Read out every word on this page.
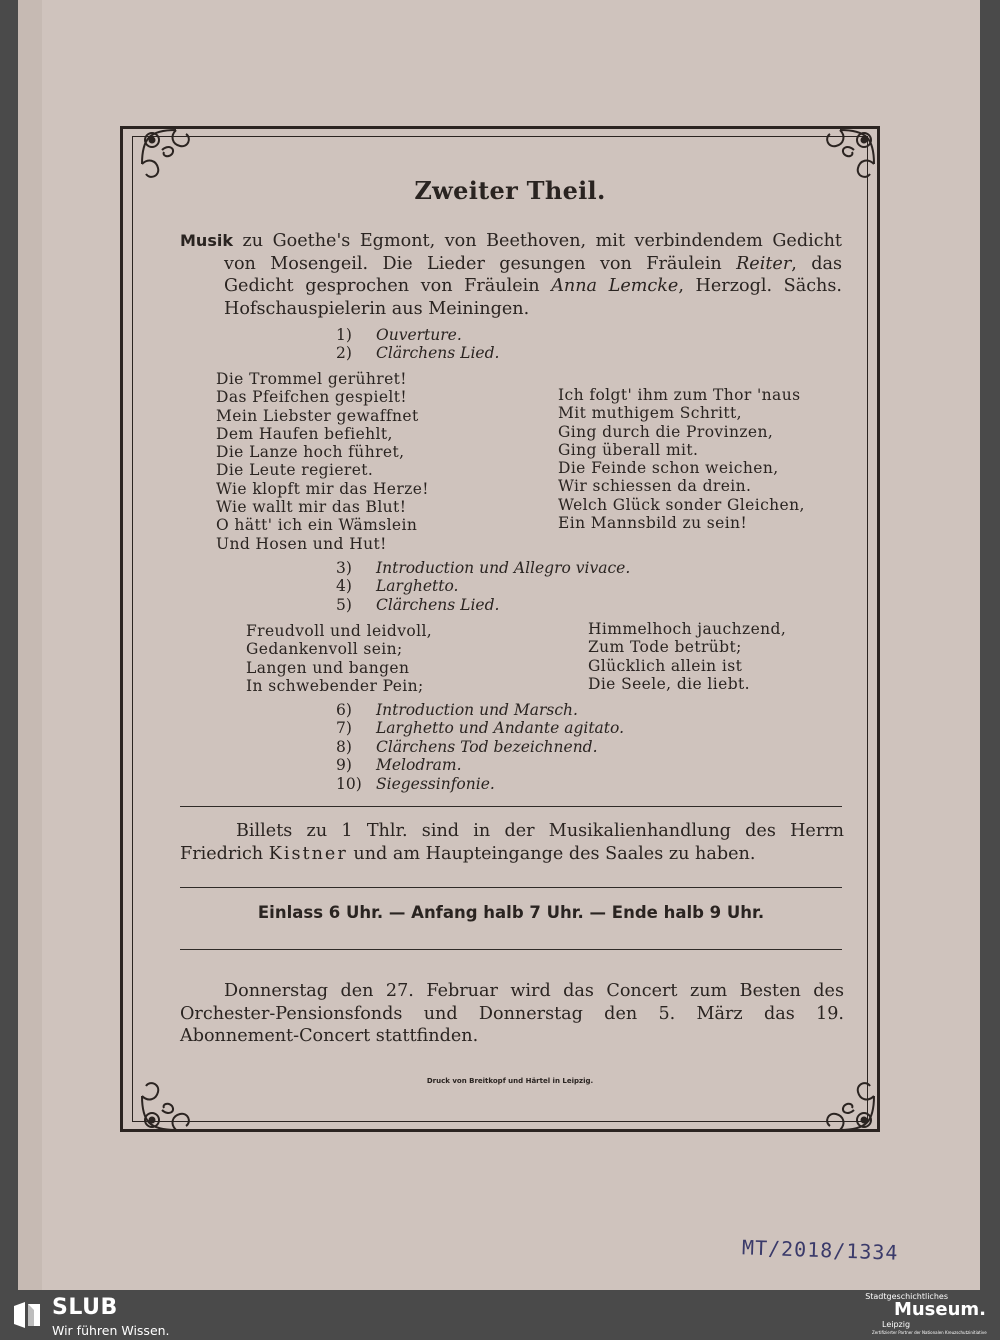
Zweiter Theil.

Musik zu Goethe's Egmont, von Beethoven, mit verbindendem Gedicht von Mosengeil. Die Lieder gesungen von Fräulein Reiter, das Gedicht gesprochen von Fräulein Anna Lemcke, Herzogl. Sächs. Hofschauspielerin aus Meiningen.

1)	Ouverture.
2)	Clärchens Lied.
Die Trommel gerühret!
Das Pfeifchen gespielt!
Mein Liebster gewaffnet
Dem Haufen befiehlt,
Die Lanze hoch führet,
Die Leute regieret.
Wie klopft mir das Herze!
Wie wallt mir das Blut!
O hätt' ich ein Wämslein
Und Hosen und Hut!
Ich folgt' ihm zum Thor 'naus
Mit muthigem Schritt,
Ging durch die Provinzen,
Ging überall mit.
Die Feinde schon weichen,
Wir schiessen da drein.
Welch Glück sonder Gleichen,
Ein Mannsbild zu sein!
3)	Introduction und Allegro vivace.
4)	Larghetto.
5)	Clärchens Lied.
Freudvoll und leidvoll,
Gedankenvoll sein;
Langen und bangen
In schwebender Pein;
Himmelhoch jauchzend,
Zum Tode betrübt;
Glücklich allein ist
Die Seele, die liebt.
6)	Introduction und Marsch.
7)	Larghetto und Andante agitato.
8)	Clärchens Tod bezeichnend.
9)	Melodram.
10) Siegessinfonie.

Billets zu 1 Thlr. sind in der Musikalienhandlung des Herrn Friedrich Kistner und am Haupteingange des Saales zu haben.

Einlass 6 Uhr. — Anfang halb 7 Uhr. — Ende halb 9 Uhr.

Donnerstag den 27. Februar wird das Concert zum Besten des Orchester-Pensionsfonds und Donnerstag den 5. März das 19. Abonnement-Concert stattfinden.

Druck von Breitkopf und Härtel in Leipzig.
MT/2018/1334
SLUB
Wir führen Wissen.
Stadtgeschichtliches
Museum.
Leipzig
Zertifizierter Partner der Nationalen Kreuzschutzinitiative
